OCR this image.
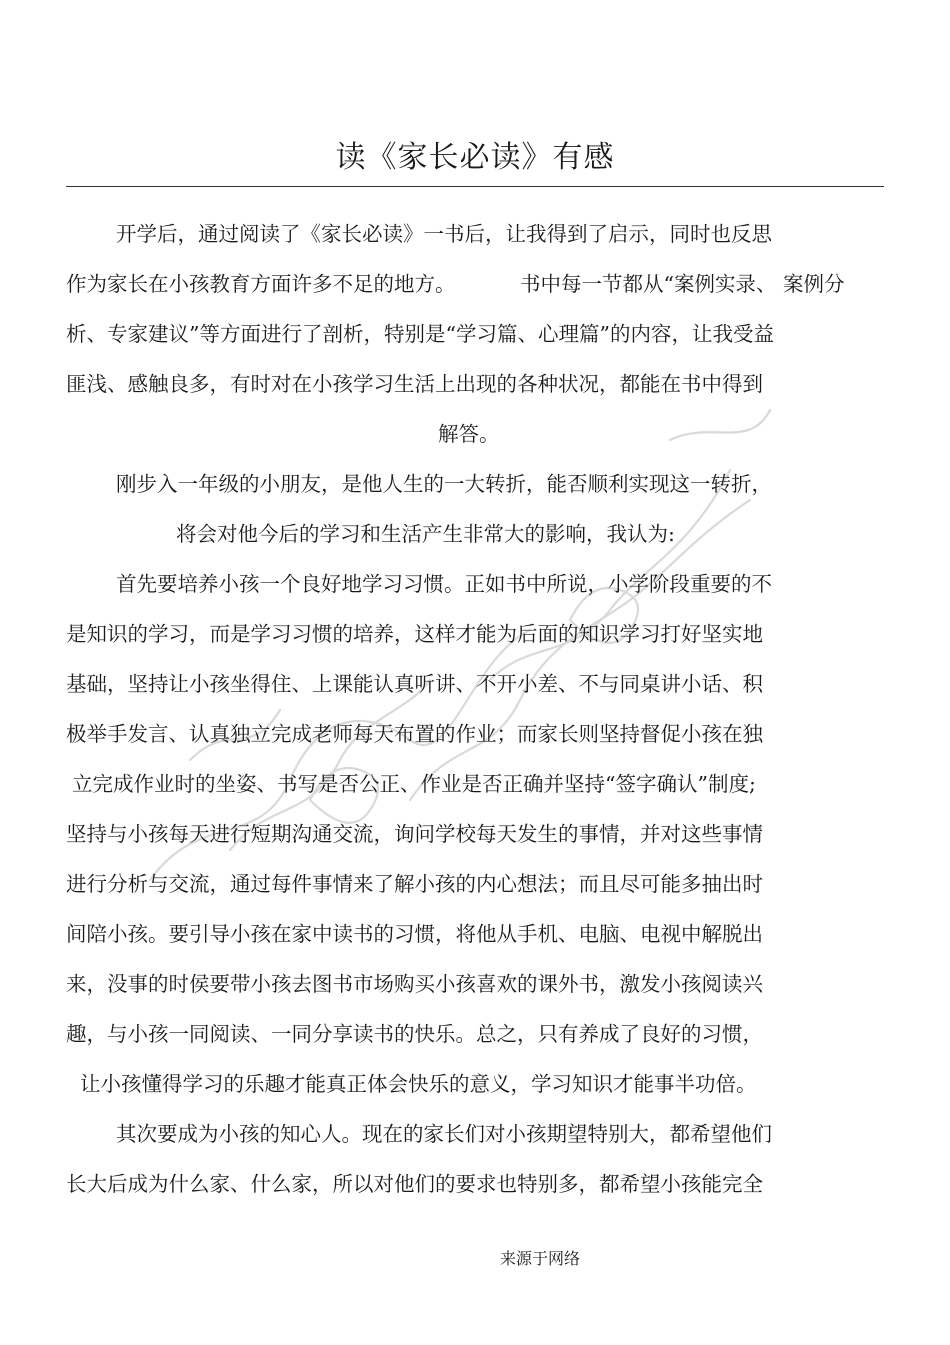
读《家长必读》有感
开学后，通过阅读了《家长必读》一书后，让我得到了启示，同时也反思
作为家长在小孩教育方面许多不足的地方。	书中每一节都从“案例实录、 案例分
析、专家建议”等方面进行了剖析，特别是“学习篇、心理篇”的内容，让我受益
匪浅、感触良多，有时对在小孩学习生活上出现的各种状况，都能在书中得到
解答。
刚步入一年级的小朋友，是他人生的一大转折，能否顺利实现这一转折，
将会对他今后的学习和生活产生非常大的影响，我认为:
首先要培养小孩一个良好地学习习惯。正如书中所说，小学阶段重要的不
是知识的学习，而是学习习惯的培养，这样才能为后面的知识学习打好坚实地
基础，坚持让小孩坐得住、上课能认真听讲、不开小差、不与同桌讲小话、积
极举手发言、认真独立完成老师每天布置的作业；而家长则坚持督促小孩在独
立完成作业时的坐姿、书写是否公正、作业是否正确并坚持“签字确认”制度;
坚持与小孩每天进行短期沟通交流，询问学校每天发生的事情，并对这些事情
进行分析与交流，通过每件事情来了解小孩的内心想法；而且尽可能多抽出时
间陪小孩。要引导小孩在家中读书的习惯，将他从手机、电脑、电视中解脱出
来，没事的时侯要带小孩去图书市场购买小孩喜欢的课外书，激发小孩阅读兴
趣，与小孩一同阅读、一同分享读书的快乐。总之，只有养成了良好的习惯，
让小孩懂得学习的乐趣才能真正体会快乐的意义，学习知识才能事半功倍。
其次要成为小孩的知心人。现在的家长们对小孩期望特别大，都希望他们
长大后成为什么家、什么家，所以对他们的要求也特别多，都希望小孩能完全
来源于网络
